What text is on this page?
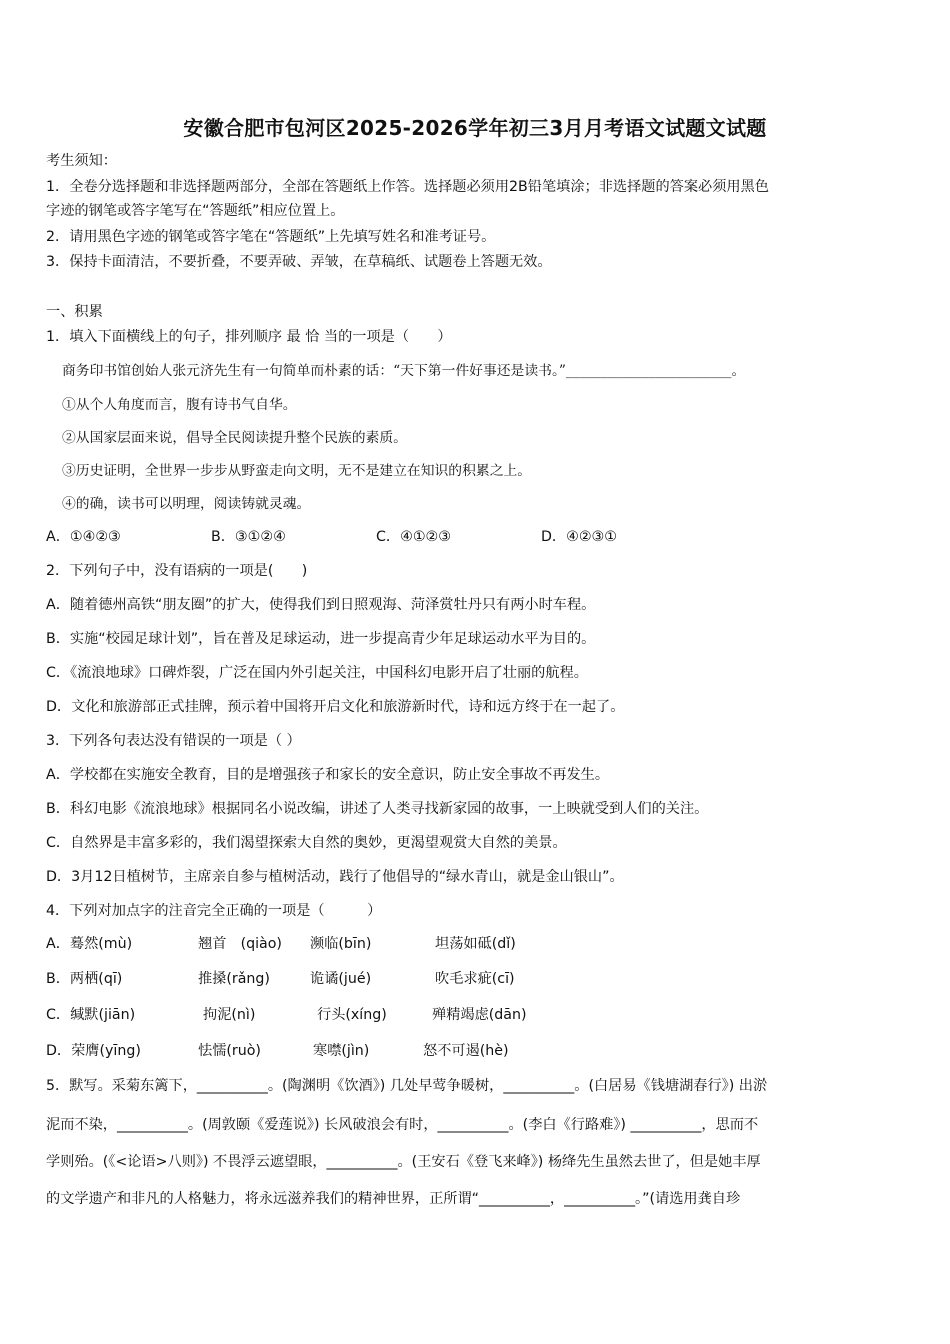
安徽合肥市包河区2025-2026学年初三3月月考语文试题文试题
考生须知：
1．全卷分选择题和非选择题两部分，全部在答题纸上作答。选择题必须用2B铅笔填涂；非选择题的答案必须用黑色
字迹的钢笔或答字笔写在“答题纸”相应位置上。
2．请用黑色字迹的钢笔或答字笔在“答题纸”上先填写姓名和准考证号。
3．保持卡面清洁，不要折叠，不要弄破、弄皱，在草稿纸、试题卷上答题无效。
一、积累
1．填入下面横线上的句子，排列顺序 最 恰 当的一项是（　　）
商务印书馆创始人张元济先生有一句简单而朴素的话：“天下第一件好事还是读书。”________________________。
①从个人角度而言，腹有诗书气自华。
②从国家层面来说，倡导全民阅读提升整个民族的素质。
③历史证明，全世界一步步从野蛮走向文明，无不是建立在知识的积累之上。
④的确，读书可以明理，阅读铸就灵魂。
A．①④②③	B．③①②④	C．④①②③	D．④②③①
2．下列句子中，没有语病的一项是(　　)
A．随着德州高铁“朋友圈”的扩大，使得我们到日照观海、菏泽赏牡丹只有两小时车程。
B．实施“校园足球计划”，旨在普及足球运动，进一步提高青少年足球运动水平为目的。
C．《流浪地球》口碑炸裂，广泛在国内外引起关注，中国科幻电影开启了壮丽的航程。
D．文化和旅游部正式挂牌，预示着中国将开启文化和旅游新时代，诗和远方终于在一起了。
3．下列各句表达没有错误的一项是（ ）
A．学校都在实施安全教育，目的是增强孩子和家长的安全意识，防止安全事故不再发生。
B．科幻电影《流浪地球》根据同名小说改编，讲述了人类寻找新家园的故事，一上映就受到人们的关注。
C．自然界是丰富多彩的，我们渴望探索大自然的奥妙，更渴望观赏大自然的美景。
D．3月12日植树节，主席亲自参与植树活动，践行了他倡导的“绿水青山，就是金山银山”。
4．下列对加点字的注音完全正确的一项是（　　　）
A．蓦然(mù)	翘首　(qiào) 濒临(bīn)	坦荡如砥(dǐ)
B．两栖(qī)	推搡(rǎng)	诡谲(jué)	吹毛求疵(cī)
C．缄默(jiān)	拘泥(nì)	行头(xíng)	殚精竭虑(dān)
D．荣膺(yīng)	怯懦(ruò)	寒噤(jìn)	怒不可遏(hè)
5．默写。采菊东篱下，__________。(陶渊明《饮酒》) 几处早莺争暖树，__________。(白居易《钱塘湖春行》) 出淤
泥而不染，__________。(周敦颐《爱莲说》) 长风破浪会有时，__________。(李白《行路难》) __________，思而不
学则殆。(《<论语>八则》) 不畏浮云遮望眼，__________。(王安石《登飞来峰》) 杨绛先生虽然去世了，但是她丰厚
的文学遗产和非凡的人格魅力，将永远滋养我们的精神世界，正所谓“__________，__________。”(请选用龚自珍
